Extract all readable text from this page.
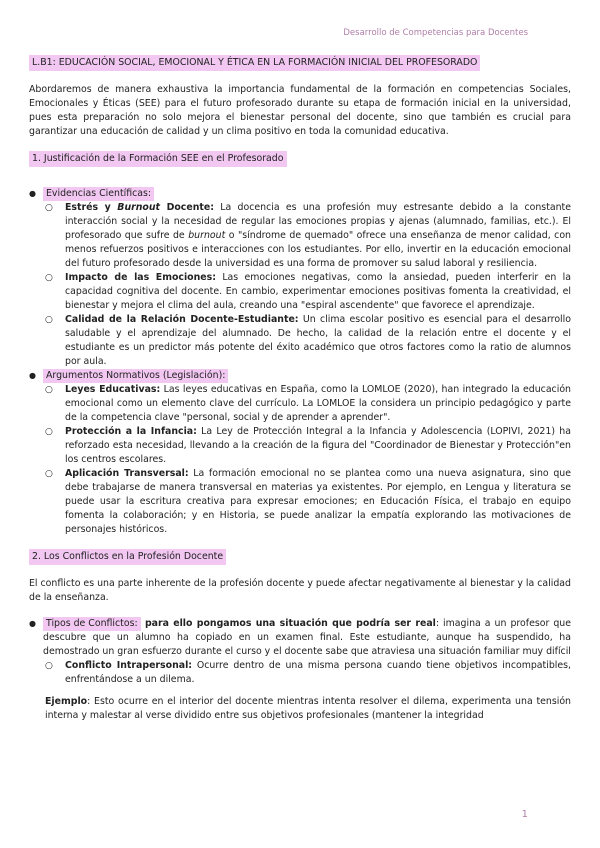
Desarrollo de Competencias para Docentes
L.B1: EDUCACIÓN SOCIAL, EMOCIONAL Y ÉTICA EN LA FORMACIÓN INICIAL DEL PROFESORADO

Abordaremos de manera exhaustiva la importancia fundamental de la formación en competencias Sociales, Emocionales y Éticas (SEE) para el futuro profesorado durante su etapa de formación inicial en la universidad, pues esta preparación no solo mejora el bienestar personal del docente, sino que también es crucial para garantizar una educación de calidad y un clima positivo en toda la comunidad educativa.

1. Justificación de la Formación SEE en el Profesorado
● Evidencias Científicas:
○ Estrés y Burnout Docente: La docencia es una profesión muy estresante debido a la constante interacción social y la necesidad de regular las emociones propias y ajenas (alumnado, familias, etc.). El profesorado que sufre de burnout o "síndrome de quemado" ofrece una enseñanza de menor calidad, con menos refuerzos positivos e interacciones con los estudiantes. Por ello, invertir en la educación emocional del futuro profesorado desde la universidad es una forma de promover su salud laboral y resiliencia.
○ Impacto de las Emociones: Las emociones negativas, como la ansiedad, pueden interferir en la capacidad cognitiva del docente. En cambio, experimentar emociones positivas fomenta la creatividad, el bienestar y mejora el clima del aula, creando una "espiral ascendente" que favorece el aprendizaje.
○ Calidad de la Relación Docente-Estudiante: Un clima escolar positivo es esencial para el desarrollo saludable y el aprendizaje del alumnado. De hecho, la calidad de la relación entre el docente y el estudiante es un predictor más potente del éxito académico que otros factores como la ratio de alumnos por aula.
● Argumentos Normativos (Legislación):
○ Leyes Educativas: Las leyes educativas en España, como la LOMLOE (2020), han integrado la educación emocional como un elemento clave del currículo. La LOMLOE la considera un principio pedagógico y parte de la competencia clave "personal, social y de aprender a aprender".
○ Protección a la Infancia: La Ley de Protección Integral a la Infancia y Adolescencia (LOPIVI, 2021) ha reforzado esta necesidad, llevando a la creación de la figura del "Coordinador de Bienestar y Protección"en los centros escolares.
○ Aplicación Transversal: La formación emocional no se plantea como una nueva asignatura, sino que debe trabajarse de manera transversal en materias ya existentes. Por ejemplo, en Lengua y literatura se puede usar la escritura creativa para expresar emociones; en Educación Física, el trabajo en equipo fomenta la colaboración; y en Historia, se puede analizar la empatía explorando las motivaciones de personajes históricos.
2. Los Conflictos en la Profesión Docente

El conflicto es una parte inherente de la profesión docente y puede afectar negativamente al bienestar y la calidad de la enseñanza.

● Tipos de Conflictos: para ello pongamos una situación que podría ser real: imagina a un profesor que descubre que un alumno ha copiado en un examen final. Este estudiante, aunque ha suspendido, ha demostrado un gran esfuerzo durante el curso y el docente sabe que atraviesa una situación familiar muy difícil
○ Conflicto Intrapersonal: Ocurre dentro de una misma persona cuando tiene objetivos incompatibles, enfrentándose a un dilema.

Ejemplo: Esto ocurre en el interior del docente mientras intenta resolver el dilema, experimenta una tensión interna y malestar al verse dividido entre sus objetivos profesionales (mantener la integridad

1
